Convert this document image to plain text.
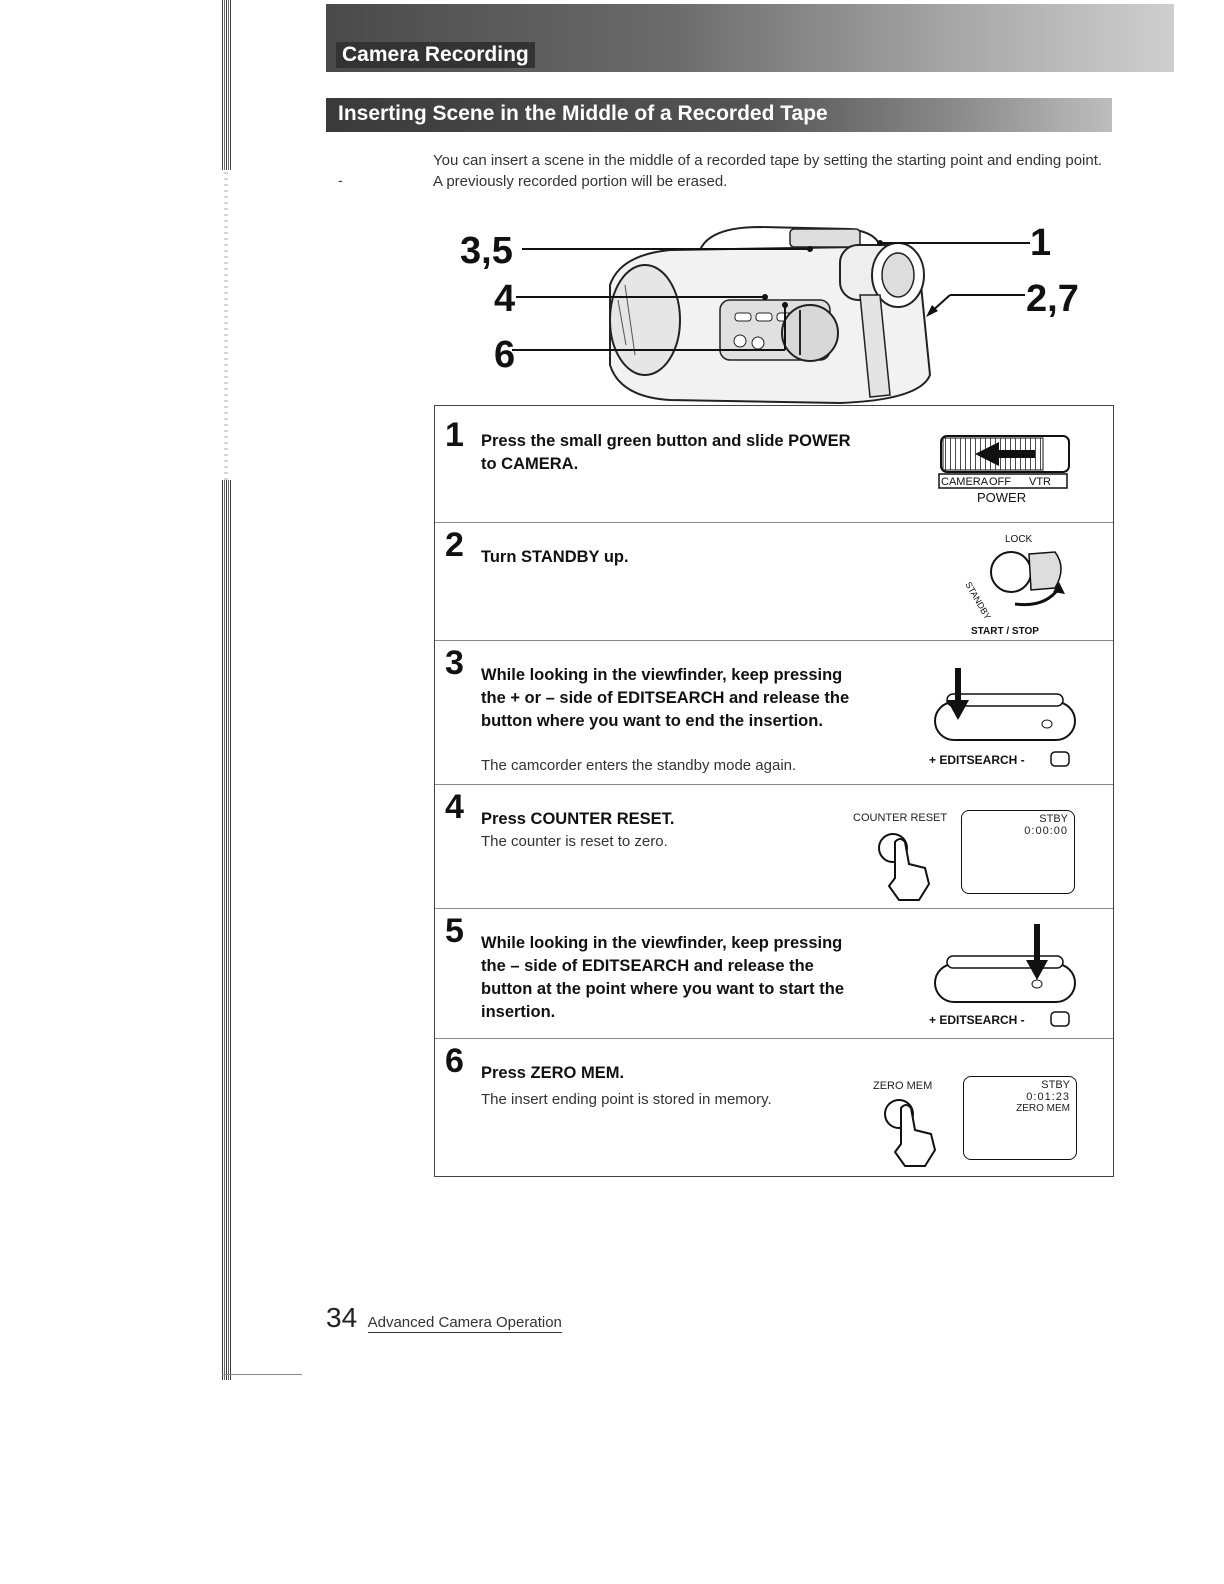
Camera Recording
Inserting Scene in the Middle of a Recorded Tape
-
You can insert a scene in the middle of a recorded tape by setting the starting point and ending point. A previously recorded portion will be erased.
3,5
4
6
1
2,7
1 Press the small green button and slide POWER to CAMERA.
CAMERA OFF VTR
POWER
2 Turn STANDBY up.
LOCK
STANDBY
START / STOP
3 While looking in the viewfinder, keep pressing the + or – side of EDITSEARCH and release the button where you want to end the insertion.
The camcorder enters the standby mode again.	+ EDITSEARCH -
4 Press COUNTER RESET.
The counter is reset to zero.
COUNTER RESET	STBY
0:00:00
5 While looking in the viewfinder, keep pressing the – side of EDITSEARCH and release the button at the point where you want to start the insertion.	+ EDITSEARCH -
6 Press ZERO MEM.
The insert ending point is stored in memory.
ZERO MEM	STBY
0:01:23
ZERO MEM
34 Advanced Camera Operation
